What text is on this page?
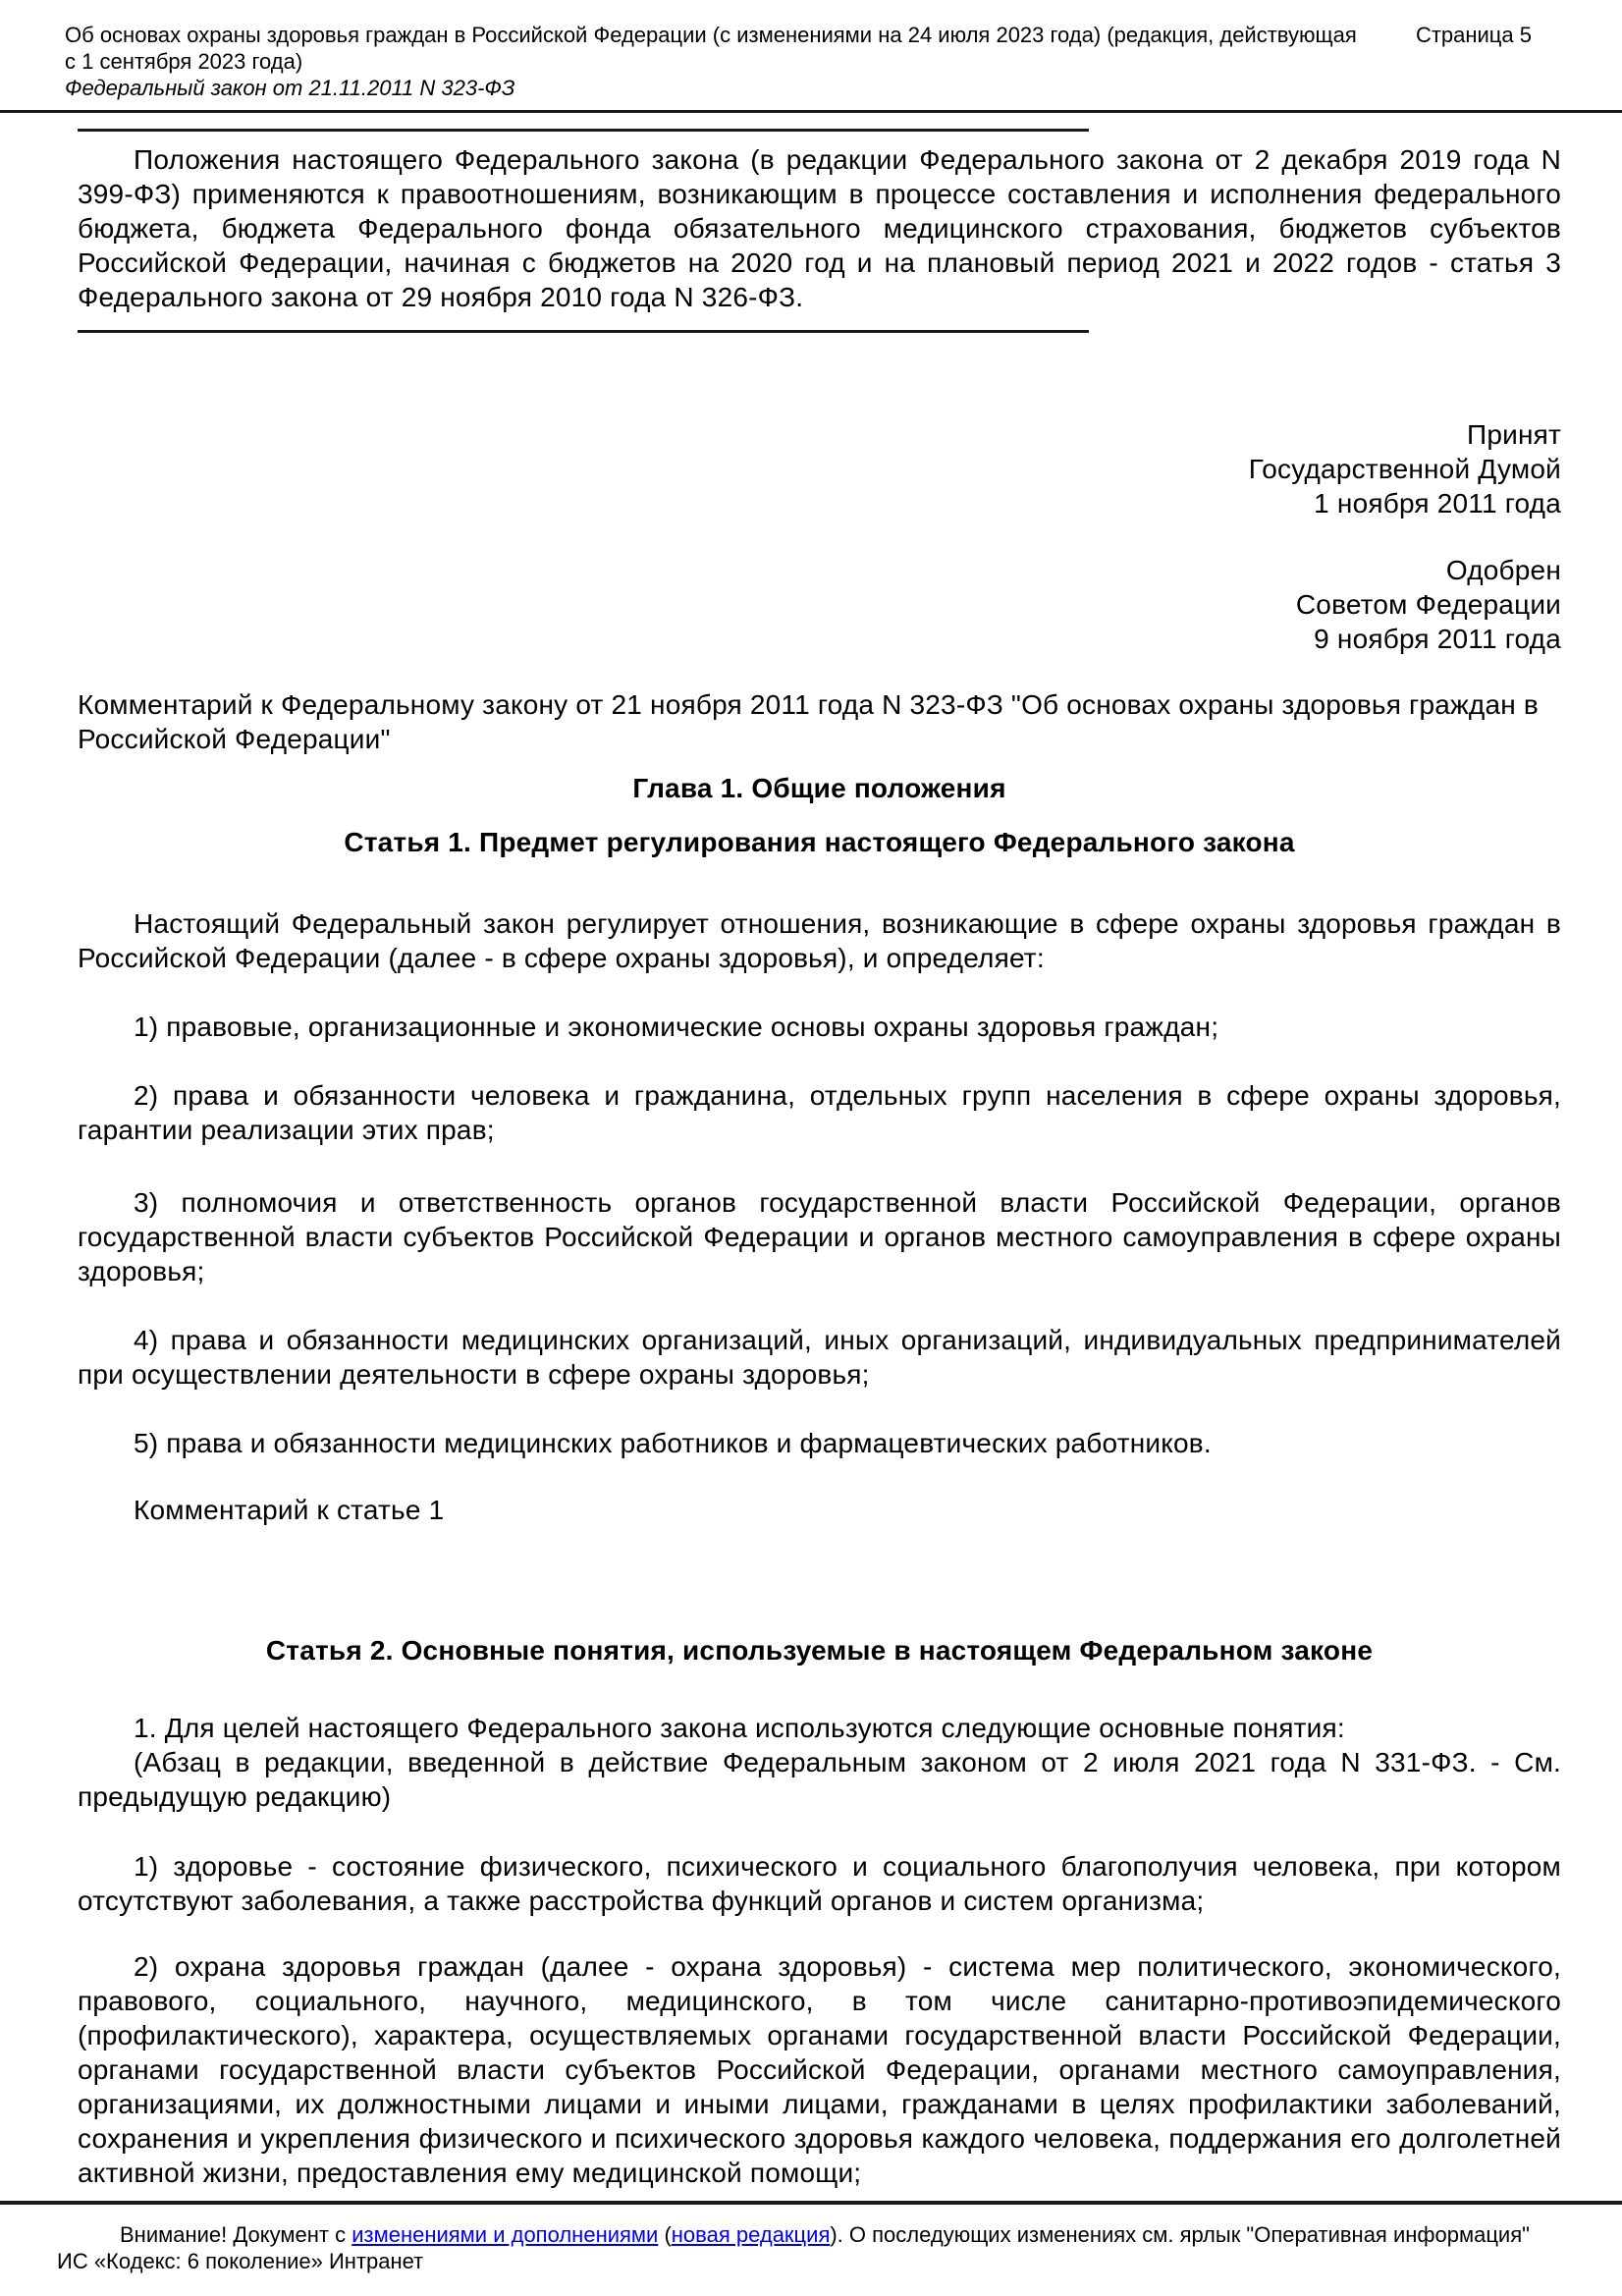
Об основах охраны здоровья граждан в Российской Федерации (с изменениями на 24 июля 2023 года) (редакция, действующая
с 1 сентября 2023 года)
Федеральный закон от 21.11.2011 N 323-ФЗ
Страница 5

Положения настоящего Федерального закона (в редакции Федерального закона от 2 декабря 2019 года N 399-ФЗ) применяются к правоотношениям, возникающим в процессе составления и исполнения федерального бюджета, бюджета Федерального фонда обязательного медицинского страхования, бюджетов субъектов Российской Федерации, начиная с бюджетов на 2020 год и на плановый период 2021 и 2022 годов - статья 3 Федерального закона от 29 ноября 2010 года N 326-ФЗ.

Принят
Государственной Думой
1 ноября 2011 года
Одобрен
Советом Федерации
9 ноября 2011 года

Комментарий к Федеральному закону от 21 ноября 2011 года N 323-ФЗ "Об основах охраны здоровья граждан в Российской Федерации"

Глава 1. Общие положения
Статья 1. Предмет регулирования настоящего Федерального закона

Настоящий Федеральный закон регулирует отношения, возникающие в сфере охраны здоровья граждан в Российской Федерации (далее - в сфере охраны здоровья), и определяет:

1) правовые, организационные и экономические основы охраны здоровья граждан;

2) права и обязанности человека и гражданина, отдельных групп населения в сфере охраны здоровья, гарантии реализации этих прав;

3) полномочия и ответственность органов государственной власти Российской Федерации, органов государственной власти субъектов Российской Федерации и органов местного самоуправления в сфере охраны здоровья;

4) права и обязанности медицинских организаций, иных организаций, индивидуальных предпринимателей при осуществлении деятельности в сфере охраны здоровья;

5) права и обязанности медицинских работников и фармацевтических работников.

Комментарий к статье 1

Статья 2. Основные понятия, используемые в настоящем Федеральном законе

1. Для целей настоящего Федерального закона используются следующие основные понятия:

(Абзац в редакции, введенной в действие Федеральным законом от 2 июля 2021 года N 331-ФЗ. - См. предыдущую редакцию)

1) здоровье - состояние физического, психического и социального благополучия человека, при котором отсутствуют заболевания, а также расстройства функций органов и систем организма;

2) охрана здоровья граждан (далее - охрана здоровья) - система мер политического, экономического, правового, социального, научного, медицинского, в том числе санитарно-противоэпидемического (профилактического), характера, осуществляемых органами государственной власти Российской Федерации, органами государственной власти субъектов Российской Федерации, органами местного самоуправления, организациями, их должностными лицами и иными лицами, гражданами в целях профилактики заболеваний, сохранения и укрепления физического и психического здоровья каждого человека, поддержания его долголетней активной жизни, предоставления ему медицинской помощи;

Внимание! Документ с изменениями и дополнениями (новая редакция). О последующих изменениях см. ярлык "Оперативная информация"

ИС «Кодекс: 6 поколение» Интранет
